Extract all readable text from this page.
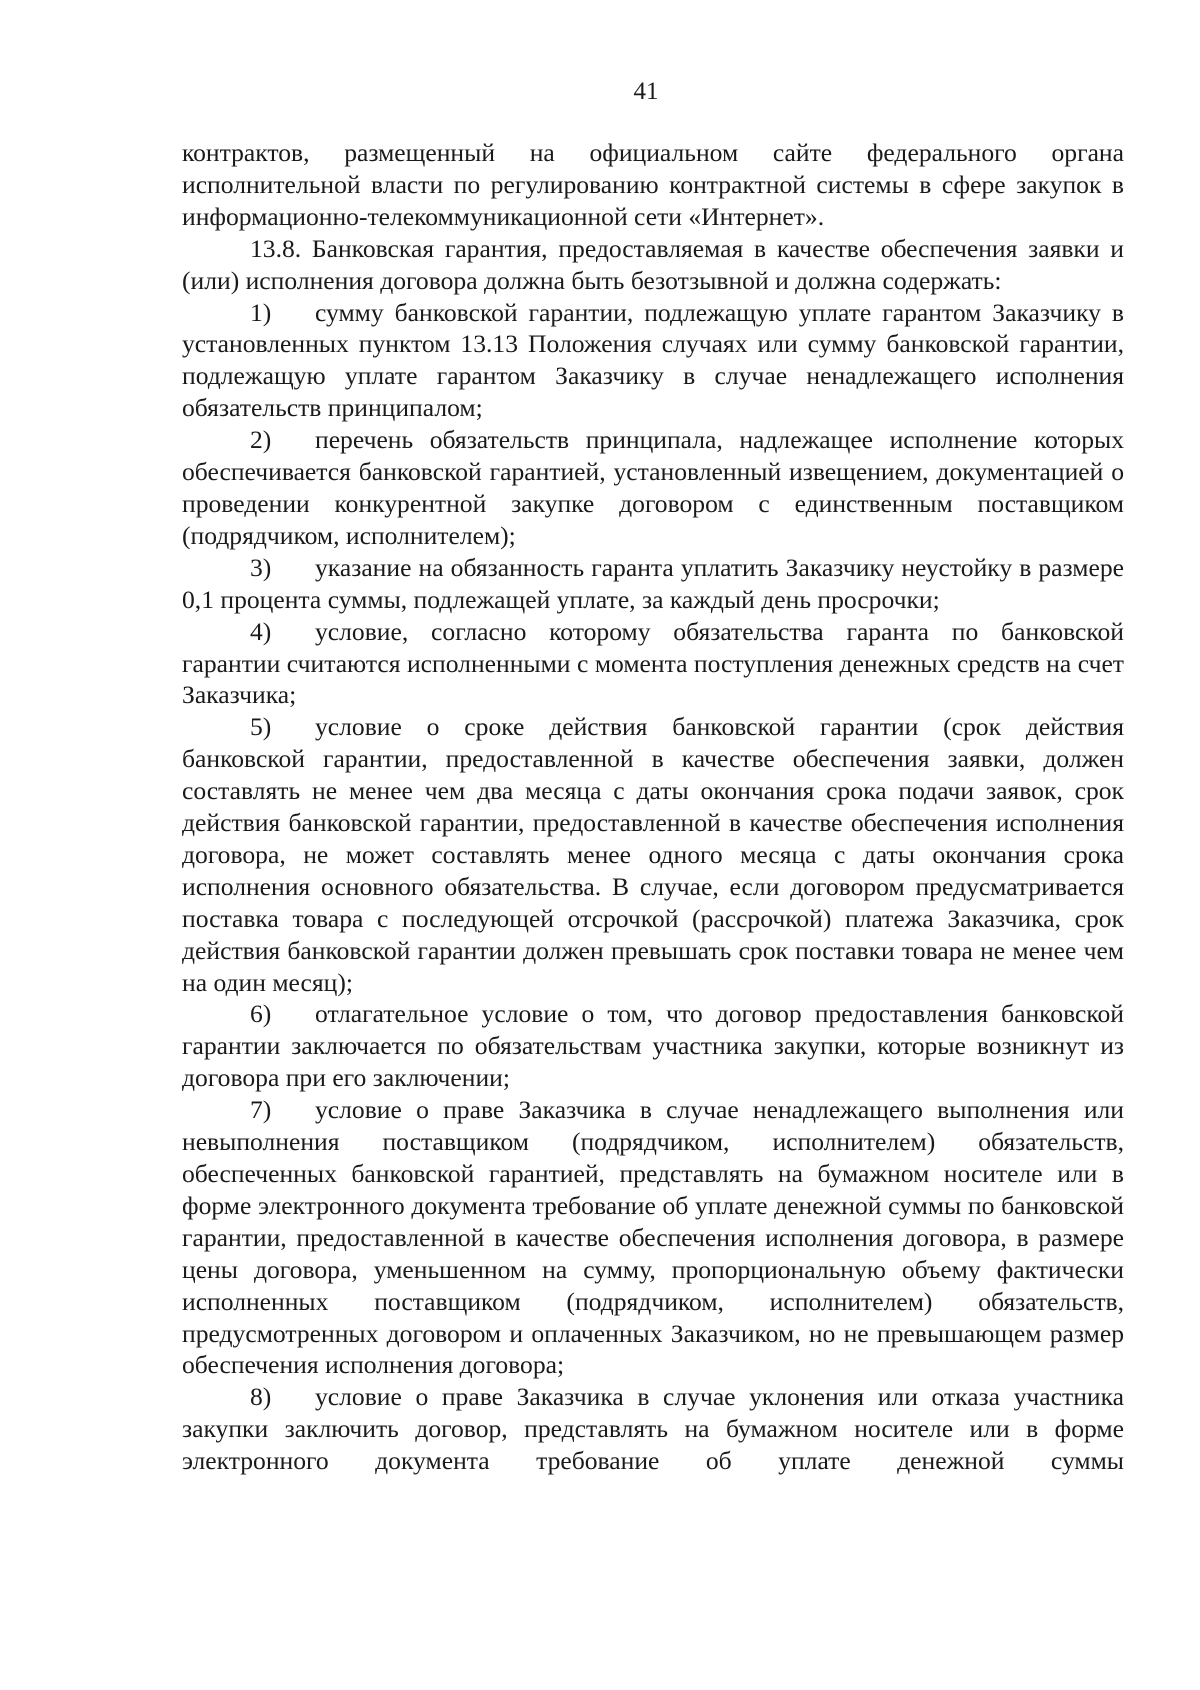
41

контрактов, размещенный на официальном сайте федерального органа исполнительной власти по регулированию контрактной системы в сфере закупок в информационно-телекоммуникационной сети «Интернет».

13.8. Банковская гарантия, предоставляемая в качестве обеспечения заявки и (или) исполнения договора должна быть безотзывной и должна содержать:

1) сумму банковской гарантии, подлежащую уплате гарантом Заказчику в установленных пунктом 13.13 Положения случаях или сумму банковской гарантии, подлежащую уплате гарантом Заказчику в случае ненадлежащего исполнения обязательств принципалом;

2) перечень обязательств принципала, надлежащее исполнение которых обеспечивается банковской гарантией, установленный извещением, документацией о проведении конкурентной закупке договором с единственным поставщиком (подрядчиком, исполнителем);

3) указание на обязанность гаранта уплатить Заказчику неустойку в размере 0,1 процента суммы, подлежащей уплате, за каждый день просрочки;

4) условие, согласно которому обязательства гаранта по банковской гарантии считаются исполненными с момента поступления денежных средств на счет Заказчика;

5) условие о сроке действия банковской гарантии (срок действия банковской гарантии, предоставленной в качестве обеспечения заявки, должен составлять не менее чем два месяца с даты окончания срока подачи заявок, срок действия банковской гарантии, предоставленной в качестве обеспечения исполнения договора, не может составлять менее одного месяца с даты окончания срока исполнения основного обязательства. В случае, если договором предусматривается поставка товара с последующей отсрочкой (рассрочкой) платежа Заказчика, срок действия банковской гарантии должен превышать срок поставки товара не менее чем на один месяц);

6) отлагательное условие о том, что договор предоставления банковской гарантии заключается по обязательствам участника закупки, которые возникнут из договора при его заключении;

7) условие о праве Заказчика в случае ненадлежащего выполнения или невыполнения поставщиком (подрядчиком, исполнителем) обязательств, обеспеченных банковской гарантией, представлять на бумажном носителе или в форме электронного документа требование об уплате денежной суммы по банковской гарантии, предоставленной в качестве обеспечения исполнения договора, в размере цены договора, уменьшенном на сумму, пропорциональную объему фактически исполненных поставщиком (подрядчиком, исполнителем) обязательств, предусмотренных договором и оплаченных Заказчиком, но не превышающем размер обеспечения исполнения договора;

8) условие о праве Заказчика в случае уклонения или отказа участника закупки заключить договор, представлять на бумажном носителе или в форме электронного документа требование об уплате денежной суммы
